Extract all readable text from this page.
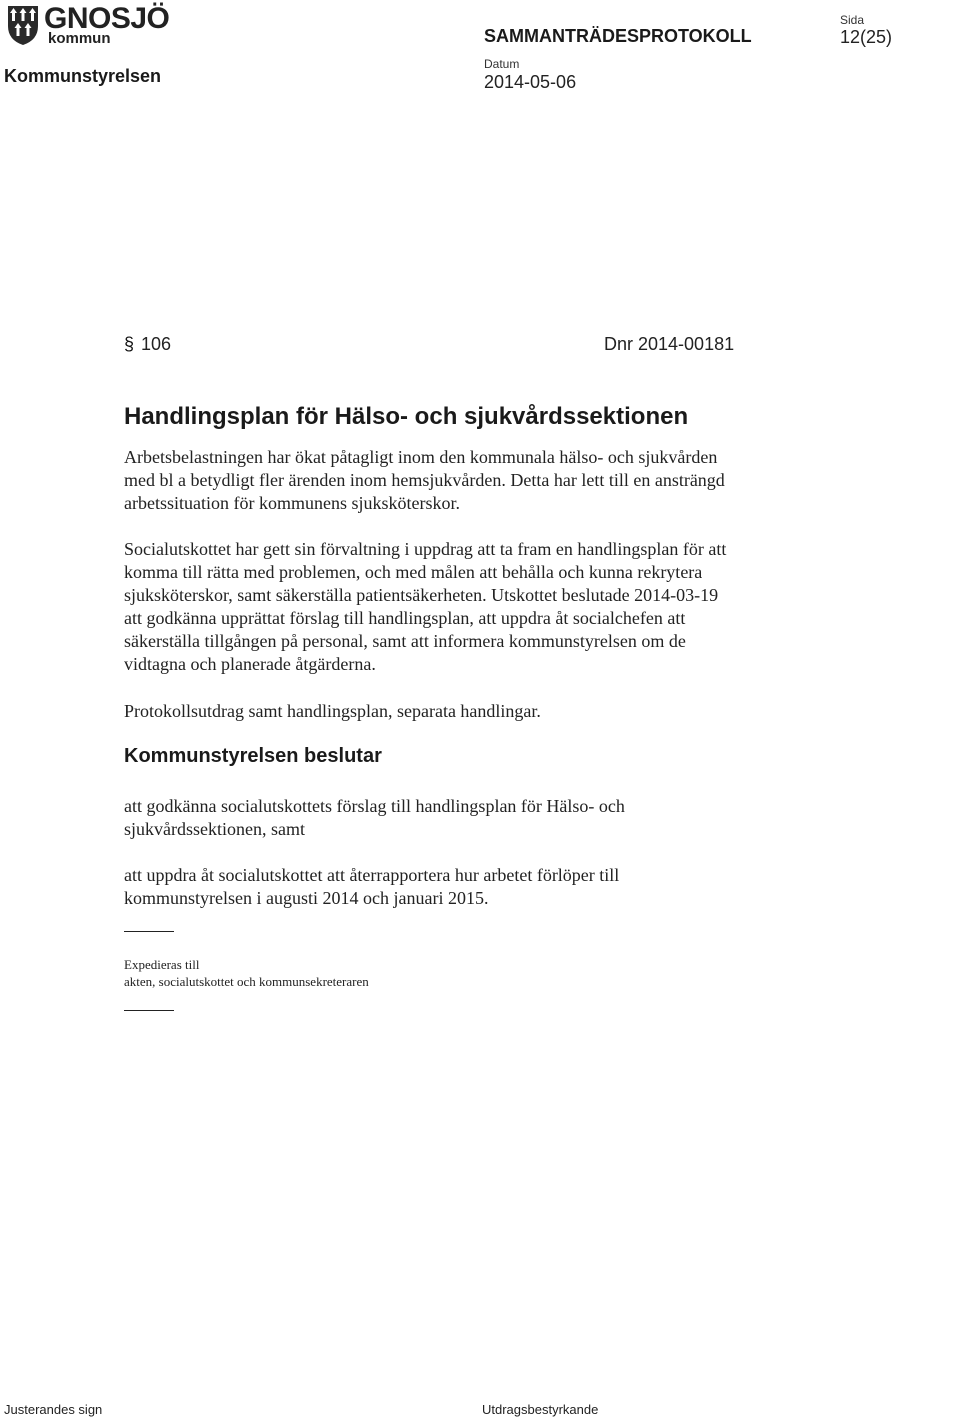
GNOSJÖ
kommun
Kommunstyrelsen
SAMMANTRÄDESPROTOKOLL
Datum
2014-05-06
Sida
12(25)
§ 106	Dnr 2014-00181
Handlingsplan för Hälso- och sjukvårdssektionen
Arbetsbelastningen har ökat påtagligt inom den kommunala hälso- och sjukvården
med bl a betydligt fler ärenden inom hemsjukvården. Detta har lett till en ansträngd
arbetssituation för kommunens sjuksköterskor.
Socialutskottet har gett sin förvaltning i uppdrag att ta fram en handlingsplan för att
komma till rätta med problemen, och med målen att behålla och kunna rekrytera
sjuksköterskor, samt säkerställa patientsäkerheten. Utskottet beslutade 2014-03-19
att godkänna upprättat förslag till handlingsplan, att uppdra åt socialchefen att
säkerställa tillgången på personal, samt att informera kommunstyrelsen om de
vidtagna och planerade åtgärderna.
Protokollsutdrag samt handlingsplan, separata handlingar.
Kommunstyrelsen beslutar
att godkänna socialutskottets förslag till handlingsplan för Hälso- och
sjukvårdssektionen, samt
att uppdra åt socialutskottet att återrapportera hur arbetet förlöper till
kommunstyrelsen i augusti 2014 och januari 2015.
Expedieras till
akten, socialutskottet och kommunsekreteraren
Justerandes sign	Utdragsbestyrkande
